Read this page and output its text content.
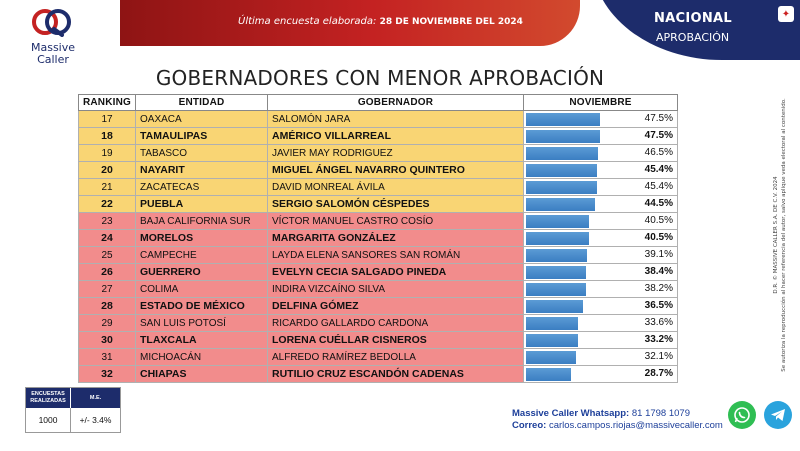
Última encuesta elaborada: 28 DE NOVIEMBRE DEL 2024	NACIONAL
APROBACIÓN
✦
Massive
Caller
GOBERNADORES CON MENOR APROBACIÓN
RANKING	ENTIDAD	GOBERNADOR	NOVIEMBRE
17	OAXACA	SALOMÓN JARA	47.5%

18	TAMAULIPAS	AMÉRICO VILLARREAL	47.5%

19	TABASCO	JAVIER MAY RODRIGUEZ	46.5%

20	NAYARIT	MIGUEL ÁNGEL NAVARRO QUINTERO	45.4%

21	ZACATECAS	DAVID MONREAL ÁVILA	45.4%

22	PUEBLA	SERGIO SALOMÓN CÉSPEDES	44.5%

23	BAJA CALIFORNIA SUR	VÍCTOR MANUEL CASTRO COSÍO	40.5%

24	MORELOS	MARGARITA GONZÁLEZ	40.5%

25	CAMPECHE	LAYDA ELENA SANSORES SAN ROMÁN	39.1%

26	GUERRERO	EVELYN CECIA SALGADO PINEDA	38.4%

27	COLIMA	INDIRA VIZCAÍNO SILVA	38.2%

28	ESTADO DE MÉXICO	DELFINA GÓMEZ	36.5%

29	SAN LUIS POTOSÍ	RICARDO GALLARDO CARDONA	33.6%

30	TLAXCALA	LORENA CUÉLLAR CISNEROS	33.2%

31	MICHOACÁN	ALFREDO RAMÍREZ BEDOLLA	32.1%

32	CHIAPAS	RUTILIO CRUZ ESCANDÓN CADENAS	28.7%
D.R. © MASSIVE CALLER S.A. DE C.V. 2024 Se autoriza la reproducción al hacer referencia del autor, salvo aplique veda electoral al contenido.
ENCUESTAS REALIZADAS
M.E.
1000	+/- 3.4%
Massive Caller Whatsapp: 81 1798 1079
Correo: carlos.campos.riojas@massivecaller.com
